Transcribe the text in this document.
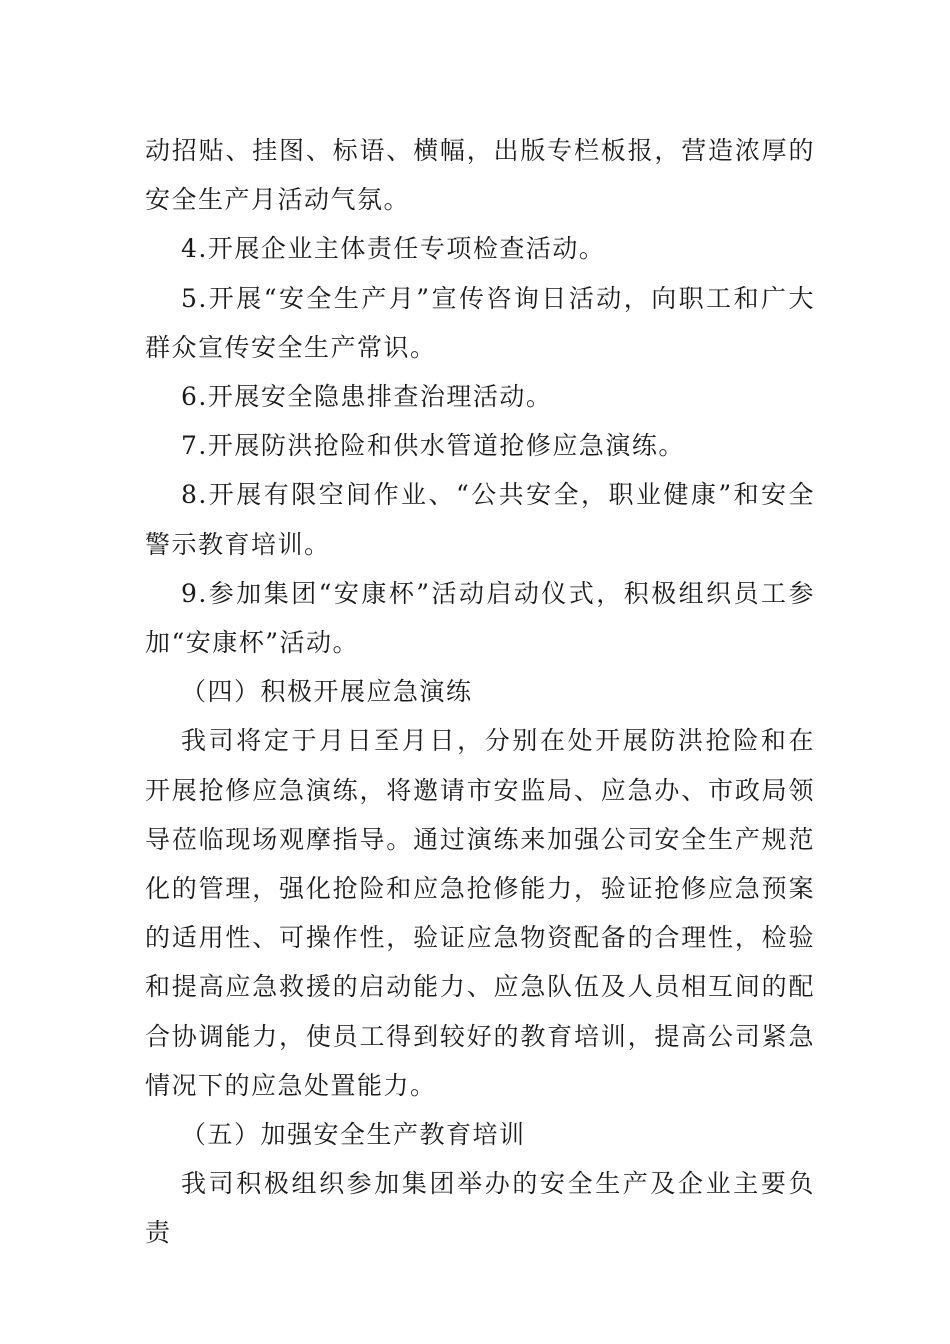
动招贴、挂图、标语、横幅，出版专栏板报，营造浓厚的安全生产月活动气氛。

4.开展企业主体责任专项检查活动。

5.开展“安全生产月”宣传咨询日活动，向职工和广大群众宣传安全生产常识。

6.开展安全隐患排查治理活动。

7.开展防洪抢险和供水管道抢修应急演练。

8.开展有限空间作业、“公共安全，职业健康”和安全警示教育培训。

9.参加集团“安康杯”活动启动仪式，积极组织员工参加“安康杯”活动。

（四）积极开展应急演练

我司将定于月日至月日，分别在处开展防洪抢险和在开展抢修应急演练，将邀请市安监局、应急办、市政局领导莅临现场观摩指导。通过演练来加强公司安全生产规范化的管理，强化抢险和应急抢修能力，验证抢修应急预案的适用性、可操作性，验证应急物资配备的合理性，检验和提高应急救援的启动能力、应急队伍及人员相互间的配合协调能力，使员工得到较好的教育培训，提高公司紧急情况下的应急处置能力。

（五）加强安全生产教育培训

我司积极组织参加集团举办的安全生产及企业主要负责
